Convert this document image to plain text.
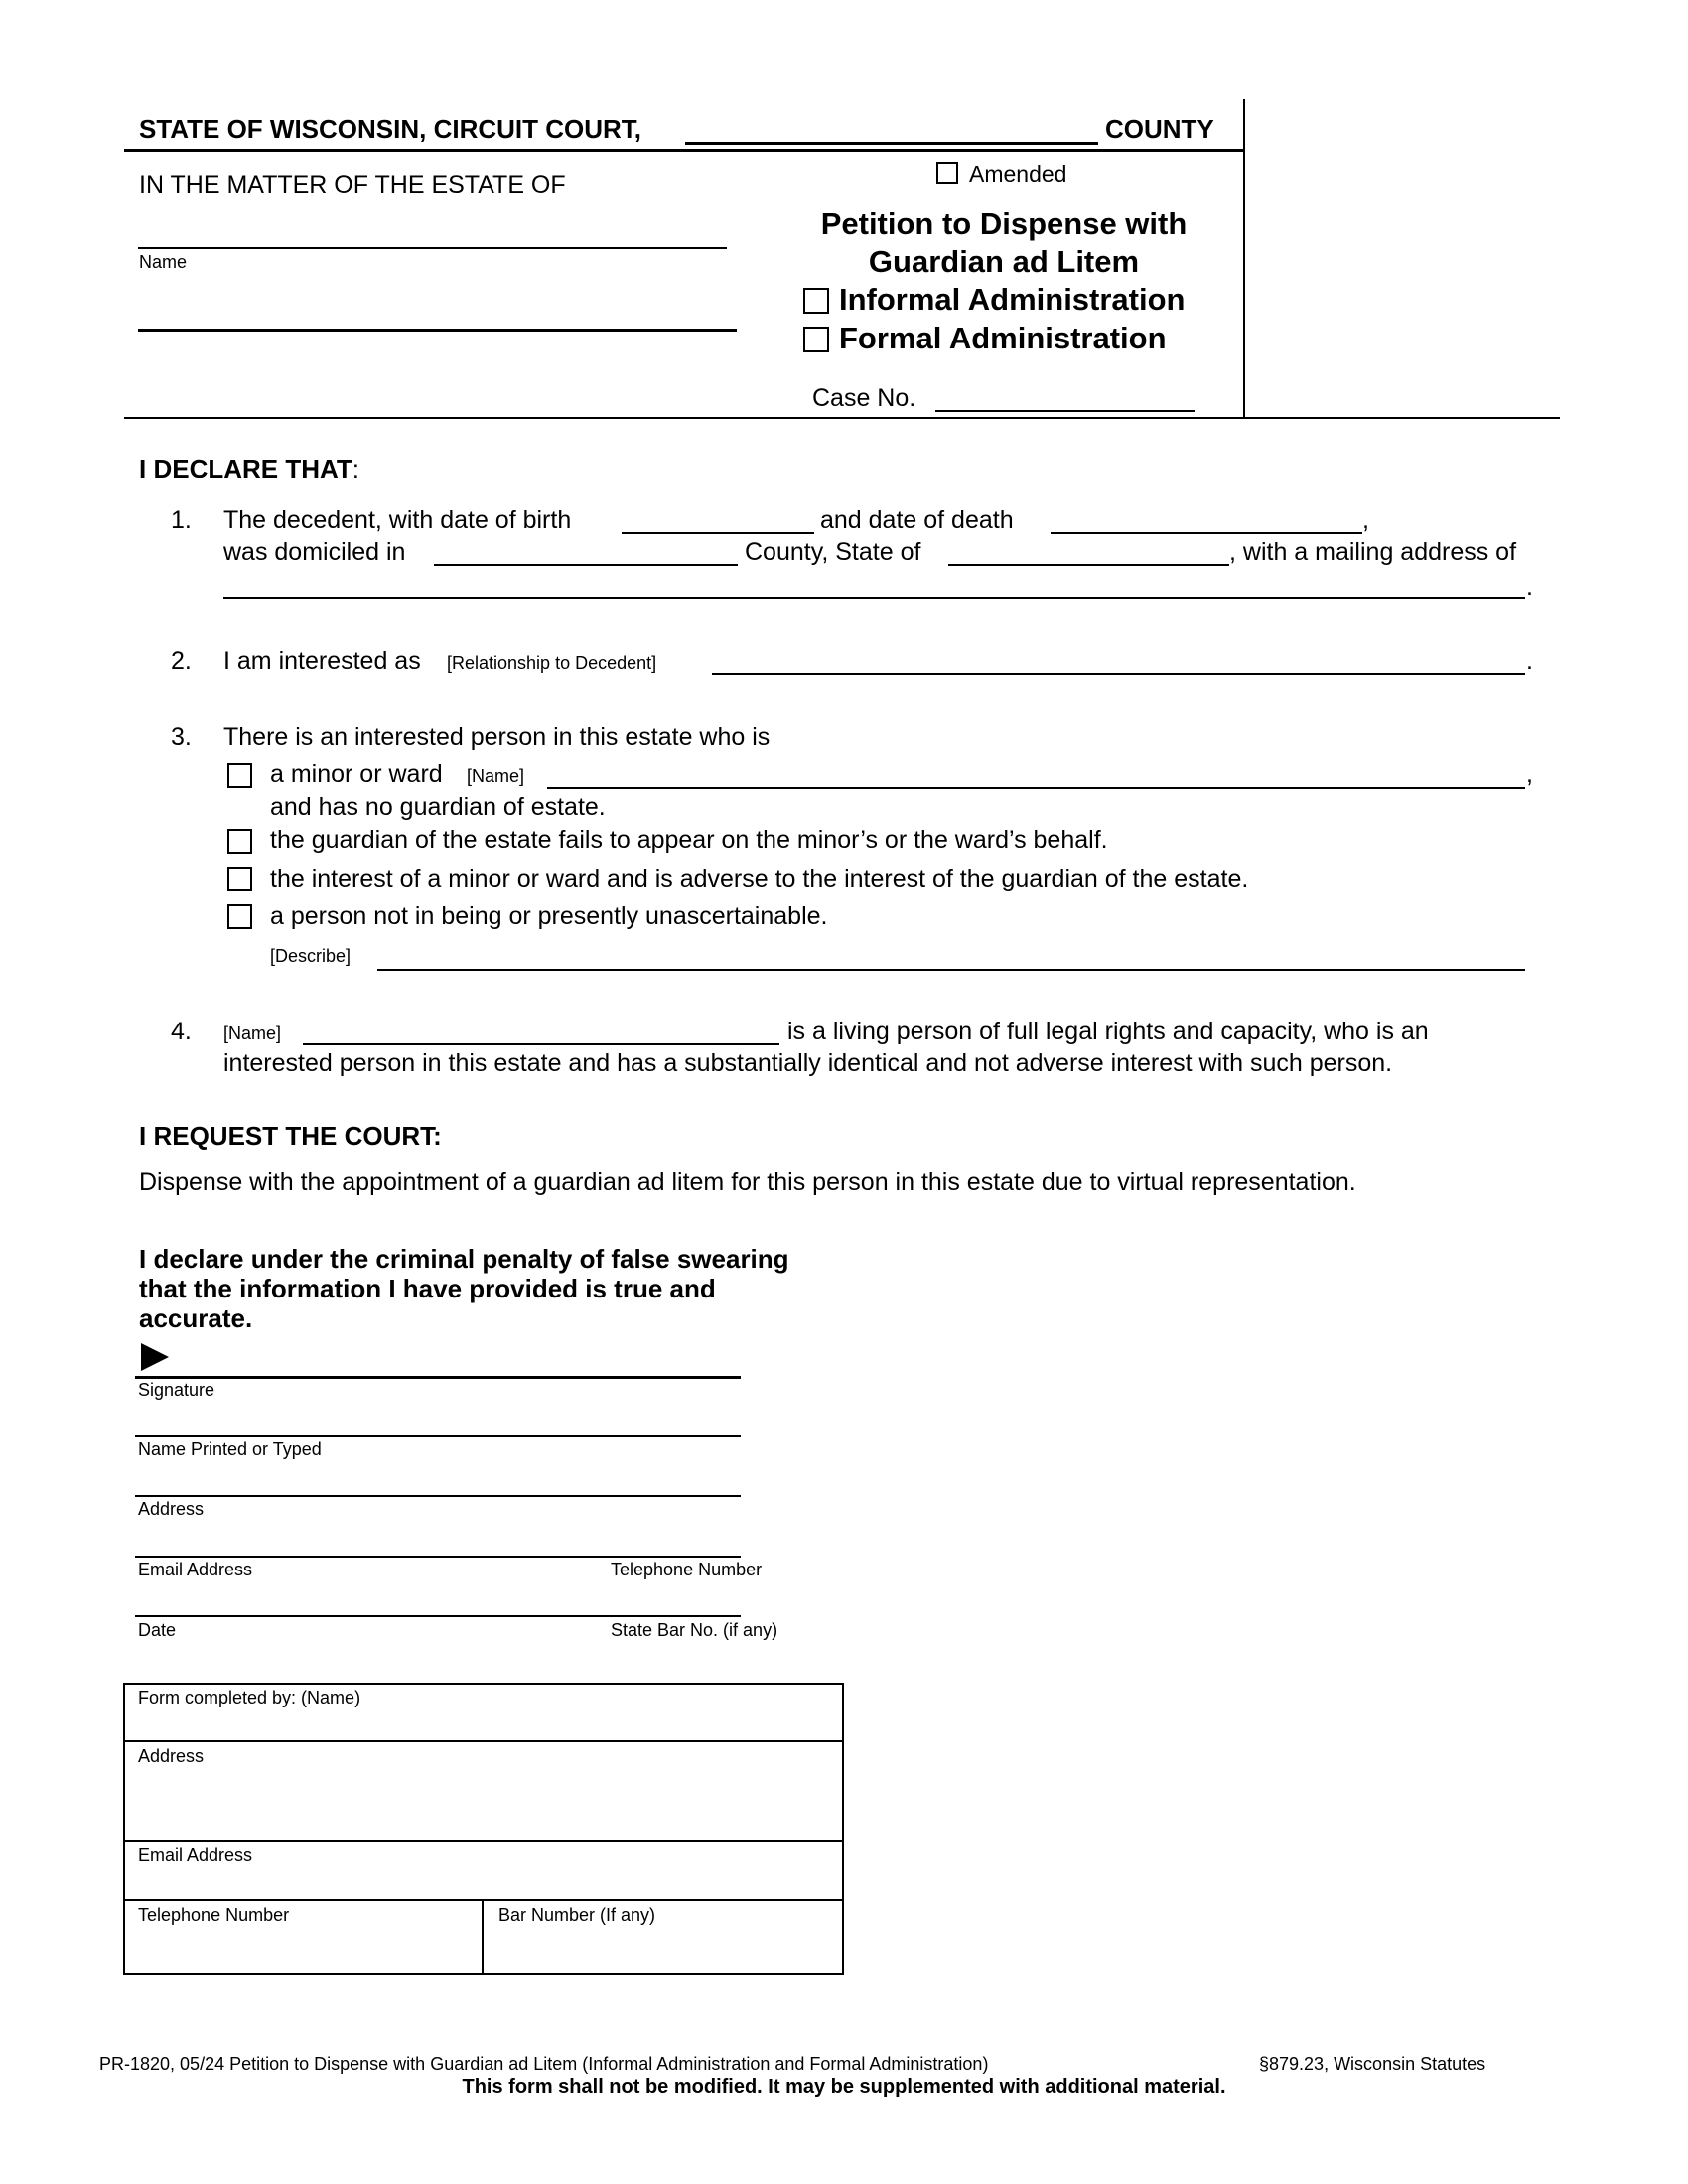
STATE OF WISCONSIN, CIRCUIT COURT,	COUNTY
IN THE MATTER OF THE ESTATE OF
Name
Amended
Petition to Dispense with
Guardian ad Litem
Informal Administration
Formal Administration
Case No.
I DECLARE THAT:
1. The decedent, with date of birth	and date of death	,
was domiciled in	County, State of	, with a mailing address of
.
2. I am interested as [Relationship to Decedent]	.
3. There is an interested person in this estate who is
a minor or ward [Name]	,
and has no guardian of estate.
the guardian of the estate fails to appear on the minor’s or the ward’s behalf.
the interest of a minor or ward and is adverse to the interest of the guardian of the estate.
a person not in being or presently unascertainable.
[Describe]
4. [Name]	is a living person of full legal rights and capacity, who is an
interested person in this estate and has a substantially identical and not adverse interest with such person.
I REQUEST THE COURT:
Dispense with the appointment of a guardian ad litem for this person in this estate due to virtual representation.
I declare under the criminal penalty of false swearing
that the information I have provided is true and
accurate.
Signature
Name Printed or Typed
Address
Email Address	Telephone Number
Date	State Bar No. (if any)
Form completed by: (Name)
Address
Email Address
Telephone Number	Bar Number (If any)
PR-1820, 05/24 Petition to Dispense with Guardian ad Litem (Informal Administration and Formal Administration)	§879.23, Wisconsin Statutes
This form shall not be modified. It may be supplemented with additional material.
